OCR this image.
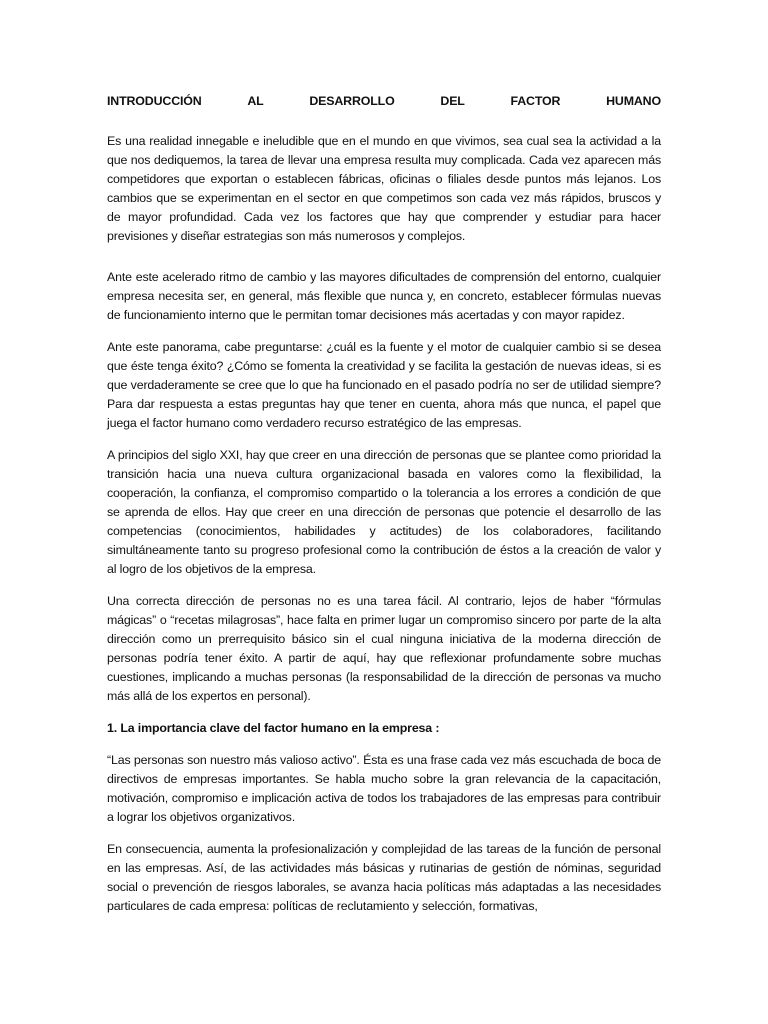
INTRODUCCIÓN	AL	DESARROLLO	DEL	FACTOR	HUMANO

Es una realidad innegable e ineludible que en el mundo en que vivimos, sea cual sea la actividad a la que nos dediquemos, la tarea de llevar una empresa resulta muy complicada. Cada vez aparecen más competidores que exportan o establecen fábricas, oficinas o filiales desde puntos más lejanos. Los cambios que se experimentan en el sector en que competimos son cada vez más rápidos, bruscos y de mayor profundidad. Cada vez los factores que hay que comprender y estudiar para hacer previsiones y diseñar estrategias son más numerosos y complejos.

Ante este acelerado ritmo de cambio y las mayores dificultades de comprensión del entorno, cualquier empresa necesita ser, en general, más flexible que nunca y, en concreto, establecer fórmulas nuevas de funcionamiento interno que le permitan tomar decisiones más acertadas y con mayor rapidez.

Ante este panorama, cabe preguntarse: ¿cuál es la fuente y el motor de cualquier cambio si se desea que éste tenga éxito? ¿Cómo se fomenta la creatividad y se facilita la gestación de nuevas ideas, si es que verdaderamente se cree que lo que ha funcionado en el pasado podría no ser de utilidad siempre? Para dar respuesta a estas preguntas hay que tener en cuenta, ahora más que nunca, el papel que juega el factor humano como verdadero recurso estratégico de las empresas.

A principios del siglo XXI, hay que creer en una dirección de personas que se plantee como prioridad la transición hacia una nueva cultura organizacional basada en valores como la flexibilidad, la cooperación, la confianza, el compromiso compartido o la tolerancia a los errores a condición de que se aprenda de ellos. Hay que creer en una dirección de personas que potencie el desarrollo de las competencias (conocimientos, habilidades y actitudes) de los colaboradores, facilitando simultáneamente tanto su progreso profesional como la contribución de éstos a la creación de valor y al logro de los objetivos de la empresa.

Una correcta dirección de personas no es una tarea fácil. Al contrario, lejos de haber “fórmulas mágicas” o “recetas milagrosas”, hace falta en primer lugar un compromiso sincero por parte de la alta dirección como un prerrequisito básico sin el cual ninguna iniciativa de la moderna dirección de personas podría tener éxito. A partir de aquí, hay que reflexionar profundamente sobre muchas cuestiones, implicando a muchas personas (la responsabilidad de la dirección de personas va mucho más allá de los expertos en personal).

1. La importancia clave del factor humano en la empresa :

“Las personas son nuestro más valioso activo”. Ésta es una frase cada vez más escuchada de boca de directivos de empresas importantes. Se habla mucho sobre la gran relevancia de la capacitación, motivación, compromiso e implicación activa de todos los trabajadores de las empresas para contribuir a lograr los objetivos organizativos.

En consecuencia, aumenta la profesionalización y complejidad de las tareas de la función de personal en las empresas. Así, de las actividades más básicas y rutinarias de gestión de nóminas, seguridad social o prevención de riesgos laborales, se avanza hacia políticas más adaptadas a las necesidades particulares de cada empresa: políticas de reclutamiento y selección, formativas,
